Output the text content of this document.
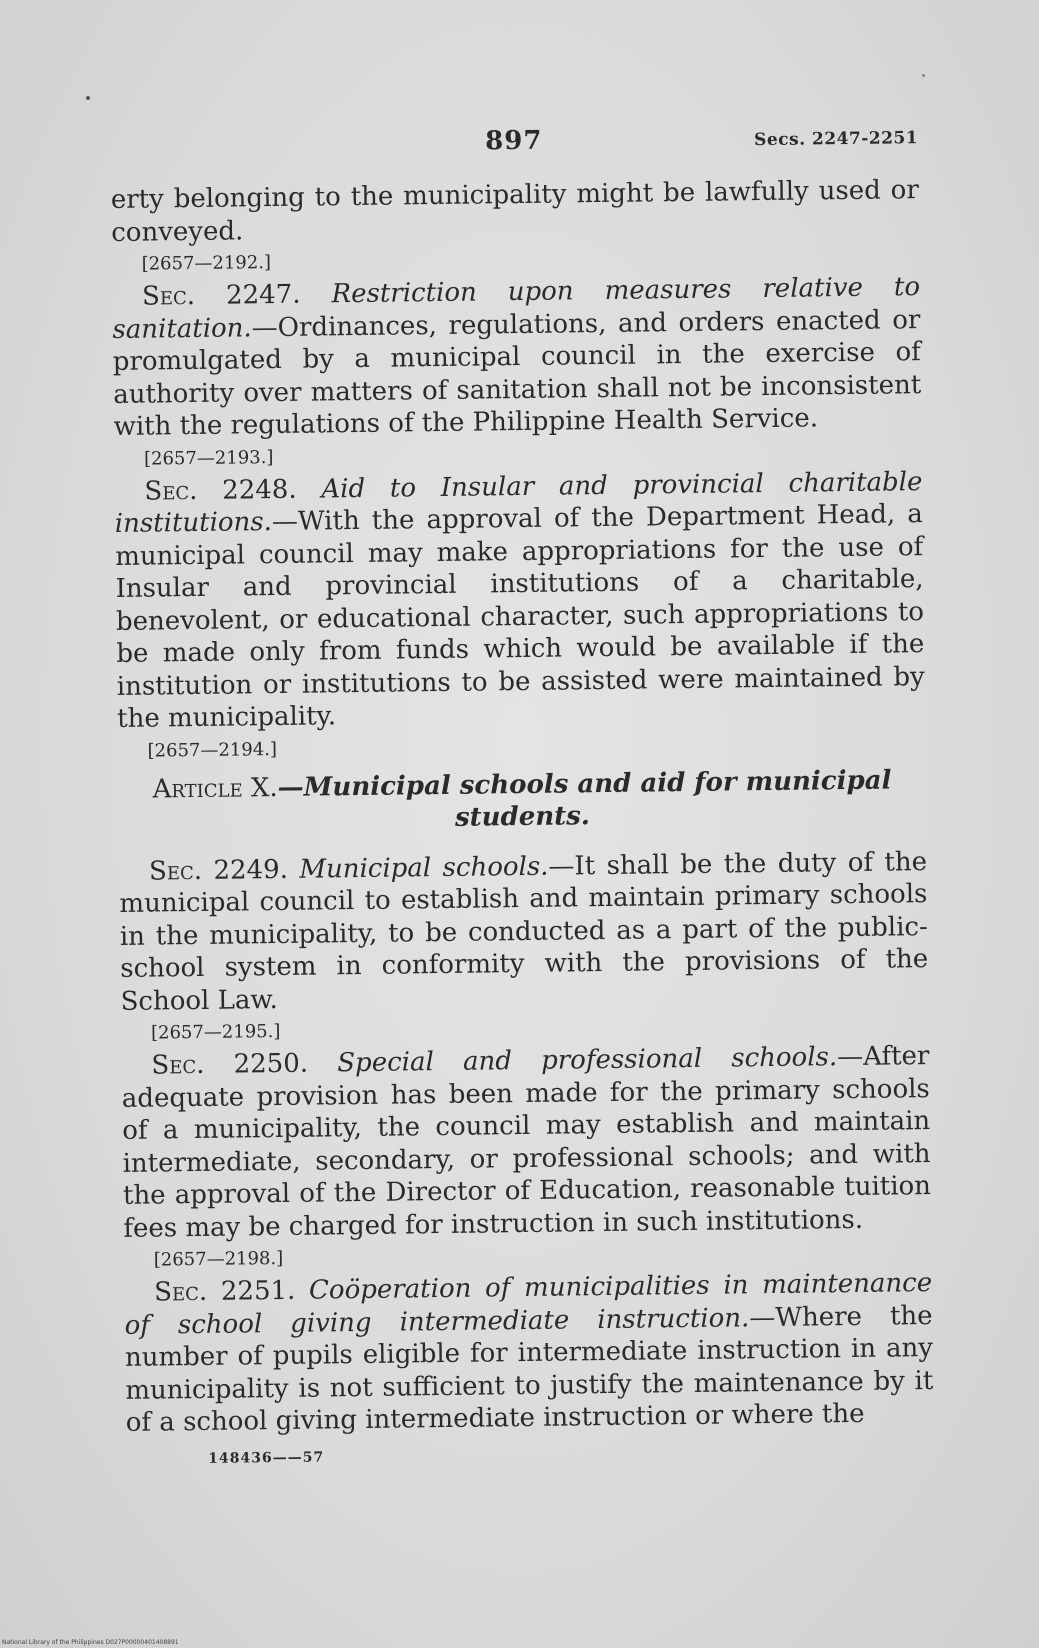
897	Secs. 2247-2251

erty belonging to the municipality might be lawfully used or conveyed.

[2657—2192.]

Sec. 2247. Restriction upon measures relative to sanitation.—Ordinances, regulations, and orders enacted or promulgated by a municipal council in the exercise of authority over matters of sanitation shall not be inconsistent with the regulations of the Philippine Health Service.

[2657—2193.]

Sec. 2248. Aid to Insular and provincial charitable institutions.—With the approval of the Department Head, a municipal council may make appropriations for the use of Insular and provincial institutions of a charitable, benevolent, or educational character, such appropriations to be made only from funds which would be available if the institution or institutions to be assisted were maintained by the municipality.

[2657—2194.]
Article X.—Municipal schools and aid for municipal students.

Sec. 2249. Municipal schools.—It shall be the duty of the municipal council to establish and maintain primary schools in the municipality, to be conducted as a part of the public-school system in conformity with the provisions of the School Law.

[2657—2195.]

Sec. 2250. Special and professional schools.—After adequate provision has been made for the primary schools of a municipality, the council may establish and maintain intermediate, secondary, or professional schools; and with the approval of the Director of Education, reasonable tuition fees may be charged for instruction in such institutions.

[2657—2198.]

Sec. 2251. Coöperation of municipalities in maintenance of school giving intermediate instruction.—Where the number of pupils eligible for intermediate instruction in any municipality is not sufficient to justify the maintenance by it of a school giving intermediate instruction or where the

148436——57
National Library of the Philippines D027P00000401408891
